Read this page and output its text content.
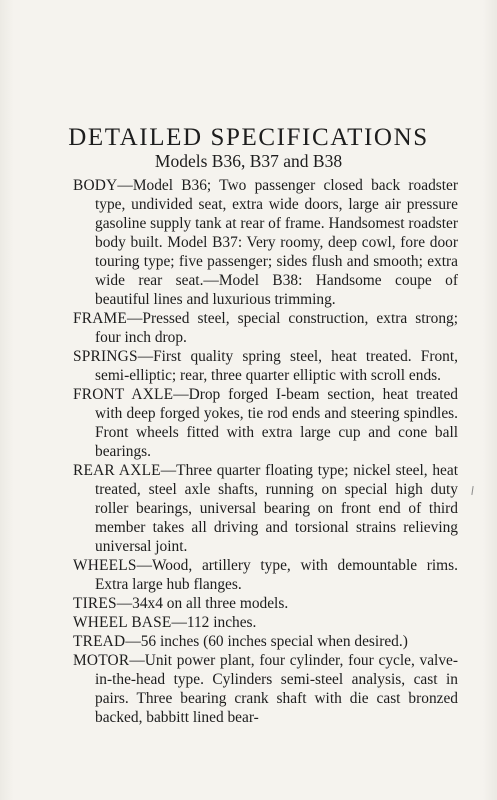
DETAILED SPECIFICATIONS
Models B36, B37 and B38

BODY—Model B36; Two passenger closed back roadster type, undivided seat, extra wide doors, large air pressure gasoline supply tank at rear of frame. Handsomest roadster body built. Model B37: Very roomy, deep cowl, fore door touring type; five passenger; sides flush and smooth; extra wide rear seat.—Model B38: Handsome coupe of beautiful lines and luxurious trimming.

FRAME—Pressed steel, special construction, extra strong; four inch drop.

SPRINGS—First quality spring steel, heat treated. Front, semi-elliptic; rear, three quarter elliptic with scroll ends.

FRONT AXLE—Drop forged I-beam section, heat treated with deep forged yokes, tie rod ends and steering spindles. Front wheels fitted with extra large cup and cone ball bearings.

REAR AXLE—Three quarter floating type; nickel steel, heat treated, steel axle shafts, running on special high duty roller bearings, universal bearing on front end of third member takes all driving and torsional strains relieving universal joint.

WHEELS—Wood, artillery type, with demountable rims. Extra large hub flanges.

TIRES—34x4 on all three models.

WHEEL BASE—112 inches.

TREAD—56 inches (60 inches special when desired.)

MOTOR—Unit power plant, four cylinder, four cycle, valve-in-the-head type. Cylinders semi-steel analysis, cast in pairs. Three bearing crank shaft with die cast bronzed backed, babbitt lined bear-
